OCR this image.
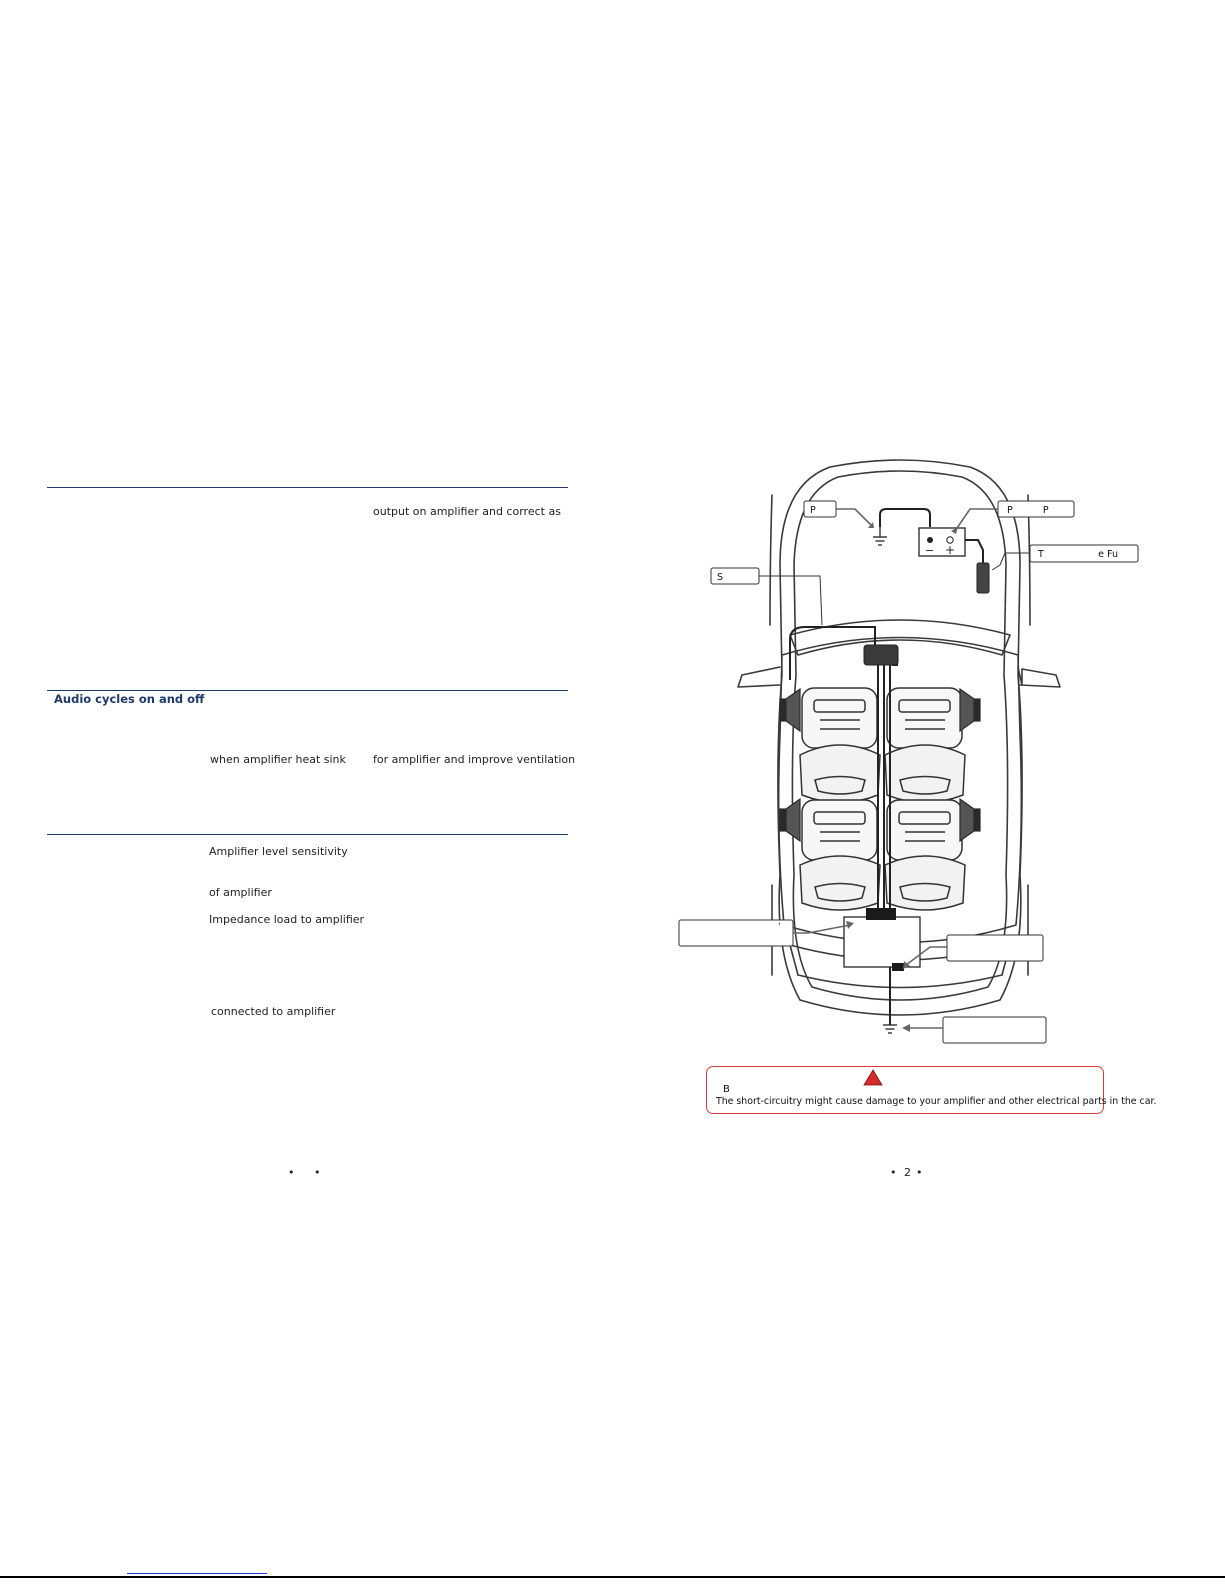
output on amplifier and correct as
Audio cycles on and off
when amplifier heat sink for amplifier and improve ventilation
Amplifier level sensitivity
of amplifier
Impedance load to amplifier
connected to amplifier
• •
− +
P	P          P
T                  e Fu
S
'
B
The short-circuitry might cause damage to your amplifier and other electrical parts in the car.
• 2 •
